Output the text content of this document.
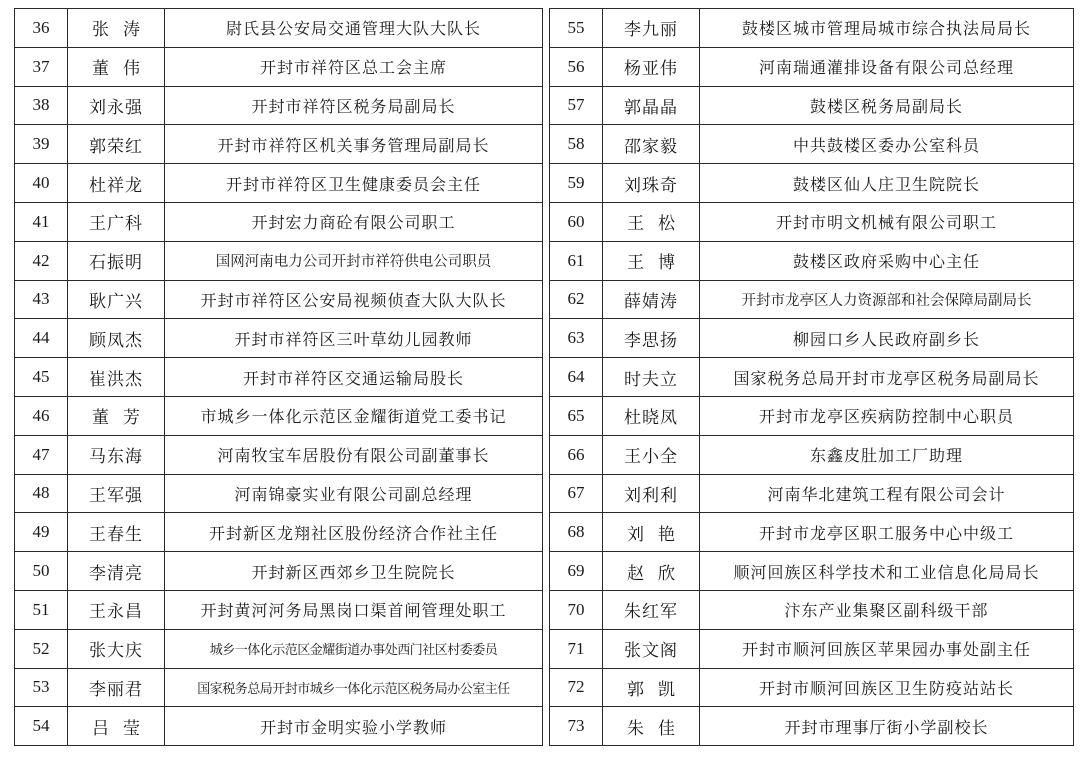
36	张涛	尉氏县公安局交通管理大队大队长
37	董伟	开封市祥符区总工会主席
38	刘永强	开封市祥符区税务局副局长
39	郭荣红	开封市祥符区机关事务管理局副局长
40	杜祥龙	开封市祥符区卫生健康委员会主任
41	王广科	开封宏力商砼有限公司职工
42	石振明	国网河南电力公司开封市祥符供电公司职员
43	耿广兴	开封市祥符区公安局视频侦查大队大队长
44	顾凤杰	开封市祥符区三叶草幼儿园教师
45	崔洪杰	开封市祥符区交通运输局股长
46	董芳	市城乡一体化示范区金耀街道党工委书记
47	马东海	河南牧宝车居股份有限公司副董事长
48	王军强	河南锦豪实业有限公司副总经理
49	王春生	开封新区龙翔社区股份经济合作社主任
50	李清亮	开封新区西郊乡卫生院院长
51	王永昌	开封黄河河务局黑岗口渠首闸管理处职工
52	张大庆	城乡一体化示范区金耀街道办事处西门社区村委委员
53	李丽君	国家税务总局开封市城乡一体化示范区税务局办公室主任
54	吕莹	开封市金明实验小学教师
55	李九丽	鼓楼区城市管理局城市综合执法局局长
56	杨亚伟	河南瑞通灌排设备有限公司总经理
57	郭晶晶	鼓楼区税务局副局长
58	邵家毅	中共鼓楼区委办公室科员
59	刘珠奇	鼓楼区仙人庄卫生院院长
60	王松	开封市明文机械有限公司职工
61	王博	鼓楼区政府采购中心主任
62	薛婧涛	开封市龙亭区人力资源部和社会保障局副局长
63	李思扬	柳园口乡人民政府副乡长
64	时夫立	国家税务总局开封市龙亭区税务局副局长
65	杜晓凤	开封市龙亭区疾病防控制中心职员
66	王小全	东鑫皮肚加工厂助理
67	刘利利	河南华北建筑工程有限公司会计
68	刘艳	开封市龙亭区职工服务中心中级工
69	赵欣	顺河回族区科学技术和工业信息化局局长
70	朱红军	汴东产业集聚区副科级干部
71	张文阁	开封市顺河回族区苹果园办事处副主任
72	郭凯	开封市顺河回族区卫生防疫站站长
73	朱佳	开封市理事厅街小学副校长
